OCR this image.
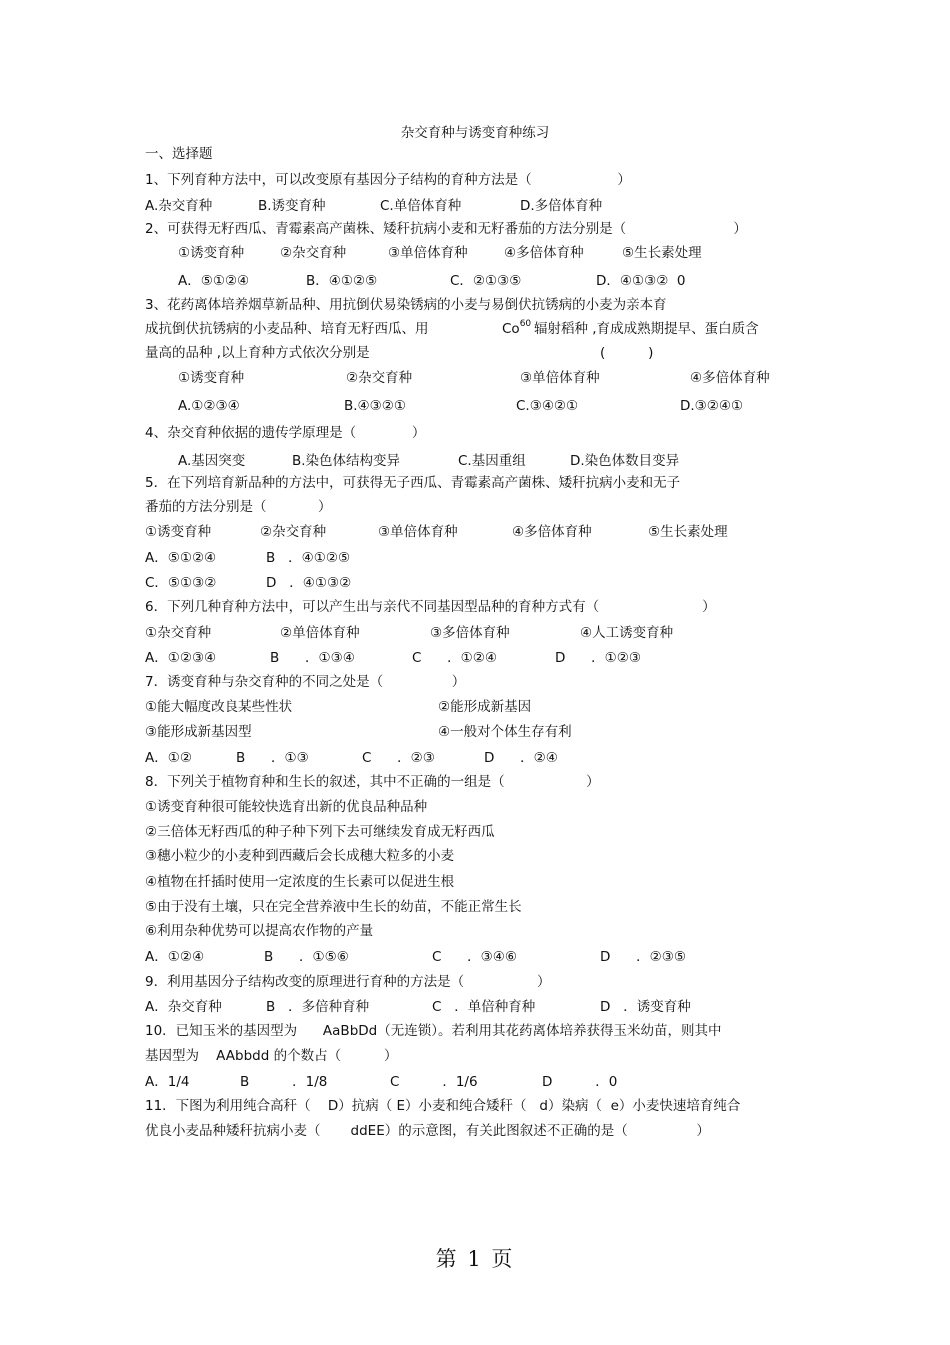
杂交育种与诱变育种练习
一、选择题
1、下列育种方法中，可以改变原有基因分子结构的育种方法是（                    ）
A.杂交育种	B.诱变育种	C.单倍体育种	D.多倍体育种
2、可获得无籽西瓜、青霉素高产菌株、矮秆抗病小麦和无籽番茄的方法分别是（                         ）
①诱变育种	②杂交育种	③单倍体育种	④多倍体育种	⑤生长素处理
A．⑤①②④	B．④①②⑤	C．②①③⑤	D．④①③②  0
3、花药离体培养烟草新品种、用抗倒伏易染锈病的小麦与易倒伏抗锈病的小麦为亲本育
成抗倒伏抗锈病的小麦品种、培育无籽西瓜、用	Co$^{60}$ 辐射稻种 ,育成成熟期提早、蛋白质含
量高的品种 ,以上育种方式依次分别是	(          )
①诱变育种	②杂交育种	③单倍体育种	④多倍体育种
A.①②③④	B.④③②①	C.③④②①	D.③②④①
4、杂交育种依据的遗传学原理是（             ）
A.基因突变	B.染色体结构变异	C.基因重组	D.染色体数目变异
5．在下列培育新品种的方法中，可获得无子西瓜、青霉素高产菌株、矮秆抗病小麦和无子
番茄的方法分别是（            ）
①诱变育种	②杂交育种	③单倍体育种	④多倍体育种	⑤生长素处理
A．⑤①②④	B   ．④①②⑤
C．⑤①③②	D   ．④①③②
6．下列几种育种方法中，可以产生出与亲代不同基因型品种的育种方式有（                        ）
①杂交育种	②单倍体育种	③多倍体育种	④人工诱变育种
A．①②③④	B      ．①③④	C      ．①②④	D      ．①②③
7．诱变育种与杂交育种的不同之处是（                ）
①能大幅度改良某些性状	②能形成新基因
③能形成新基因型	④一般对个体生存有利
A．①②	B      ．①③	C      ．②③	D      ．②④
8．下列关于植物育种和生长的叙述，其中不正确的一组是（                   ）
①诱变育种很可能较快选育出新的优良品种品种
②三倍体无籽西瓜的种子种下列下去可继续发育成无籽西瓜
③穗小粒少的小麦种到西藏后会长成穗大粒多的小麦
④植物在扦插时使用一定浓度的生长素可以促进生根
⑤由于没有土壤，只在完全营养液中生长的幼苗，不能正常生长
⑥利用杂种优势可以提高农作物的产量
A．①②④	B      ．①⑤⑥	C      ．③④⑥	D      ．②③⑤
9．利用基因分子结构改变的原理进行育种的方法是（                 ）
A．杂交育种	B   ．多倍种育种	C   ．单倍种育种	D   ．诱变育种
10．已知玉米的基因型为      AaBbDd（无连锁）。若利用其花药离体培养获得玉米幼苗，则其中
基因型为    AAbbdd 的个数占（          ）
A．1/4	B          ．1/8	C          ．1/6	D          ．0
11．下图为利用纯合高秆（    D）抗病（ E）小麦和纯合矮秆（   d）染病（  e）小麦快速培育纯合
优良小麦品种矮秆抗病小麦（       ddEE）的示意图，有关此图叙述不正确的是（                ）
第 1 页
